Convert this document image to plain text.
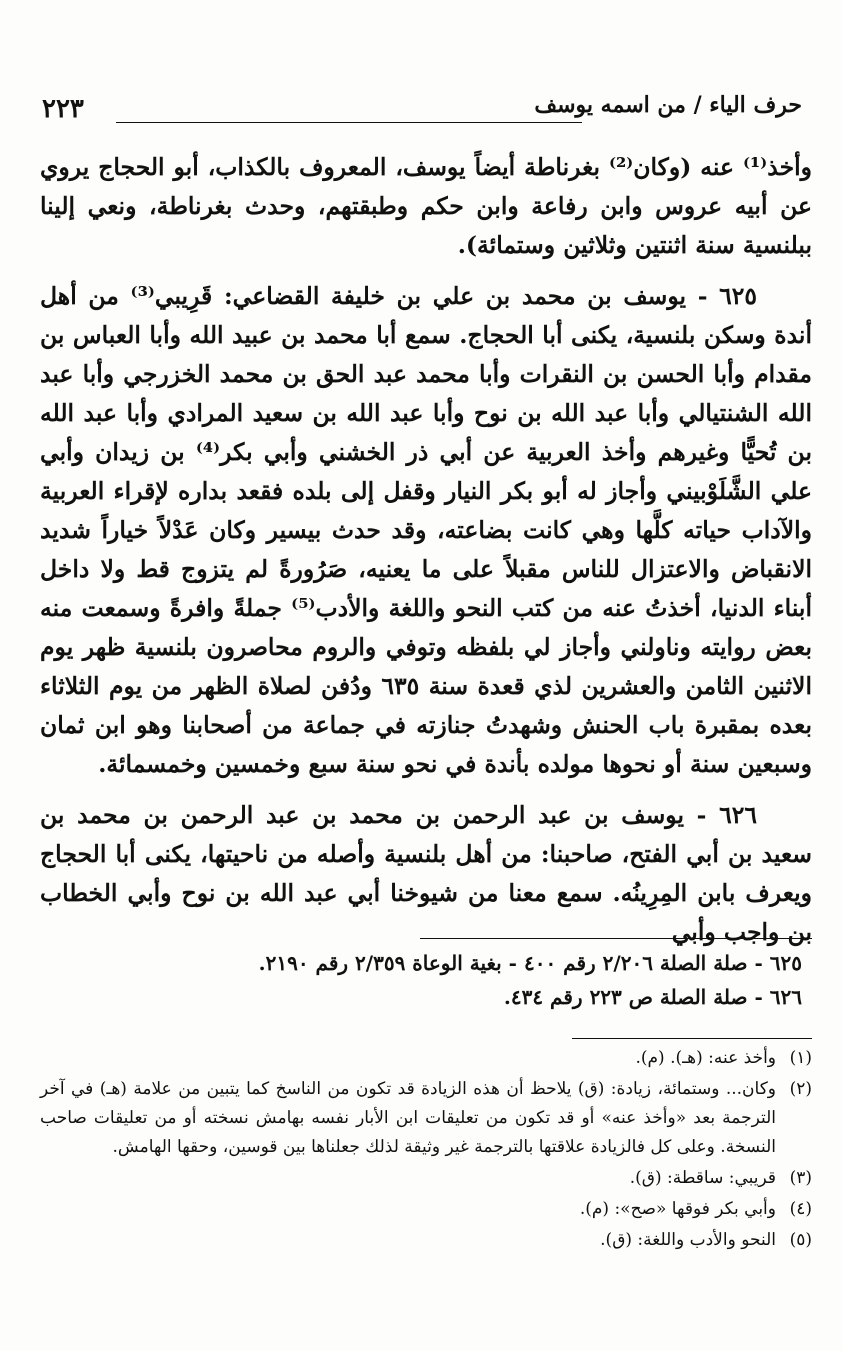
٢٢٣	حرف الياء / من اسمه يوسف

وأخذ⁽¹⁾ عنه (وكان⁽²⁾ بغرناطة أيضاً يوسف، المعروف بالكذاب، أبو الحجاج يروي عن أبيه عروس وابن رفاعة وابن حكم وطبقتهم، وحدث بغرناطة، ونعي إلينا ببلنسية سنة اثنتين وثلاثين وستمائة).

٦٢٥ - يوسف بن محمد بن علي بن خليفة القضاعي: قَرِيبي⁽³⁾ من أهل أندة وسكن بلنسية، يكنى أبا الحجاج. سمع أبا محمد بن عبيد الله وأبا العباس بن مقدام وأبا الحسن بن النقرات وأبا محمد عبد الحق بن محمد الخزرجي وأبا عبد الله الشنتيالي وأبا عبد الله بن نوح وأبا عبد الله بن سعيد المرادي وأبا عبد الله بن تُحيًّا وغيرهم وأخذ العربية عن أبي ذر الخشني وأبي بكر⁽⁴⁾ بن زيدان وأبي علي الشَّلَوْبيني وأجاز له أبو بكر النيار وقفل إلى بلده فقعد بداره لإقراء العربية والآداب حياته كلَّها وهي كانت بضاعته، وقد حدث بيسير وكان عَدْلاً خياراً شديد الانقباض والاعتزال للناس مقبلاً على ما يعنيه، صَرُورةً لم يتزوج قط ولا داخل أبناء الدنيا، أخذتُ عنه من كتب النحو واللغة والأدب⁽⁵⁾ جملةً وافرةً وسمعت منه بعض روايته وناولني وأجاز لي بلفظه وتوفي والروم محاصرون بلنسية ظهر يوم الاثنين الثامن والعشرين لذي قعدة سنة ٦٣٥ ودُفن لصلاة الظهر من يوم الثلاثاء بعده بمقبرة باب الحنش وشهدتُ جنازته في جماعة من أصحابنا وهو ابن ثمان وسبعين سنة أو نحوها مولده بأندة في نحو سنة سبع وخمسين وخمسمائة.

٦٢٦ - يوسف بن عبد الرحمن بن محمد بن عبد الرحمن بن محمد بن سعيد بن أبي الفتح، صاحبنا: من أهل بلنسية وأصله من ناحيتها، يكنى أبا الحجاج ويعرف بابن المِرِينُه. سمع معنا من شيوخنا أبي عبد الله بن نوح وأبي الخطاب بن واجب وأبي

٦٢٥ - صلة الصلة ٢/٢٠٦ رقم ٤٠٠ - بغية الوعاة ٢/٣٥٩ رقم ٢١٩٠.
٦٢٦ - صلة الصلة ص ٢٢٣ رقم ٤٣٤.
(١)
وأخذ عنه: (هـ). (م).
(٢)
وكان... وستمائة، زيادة: (ق) يلاحظ أن هذه الزيادة قد تكون من الناسخ كما يتبين من علامة (هـ) في آخر الترجمة بعد «وأخذ عنه» أو قد تكون من تعليقات ابن الأبار نفسه بهامش نسخته أو من تعليقات صاحب النسخة. وعلى كل فالزيادة علاقتها بالترجمة غير وثيقة لذلك جعلناها بين قوسين، وحقها الهامش.
(٣)
قريبي: ساقطة: (ق).
(٤)
وأبي بكر فوقها «صح»: (م).
(٥)
النحو والأدب واللغة: (ق).
